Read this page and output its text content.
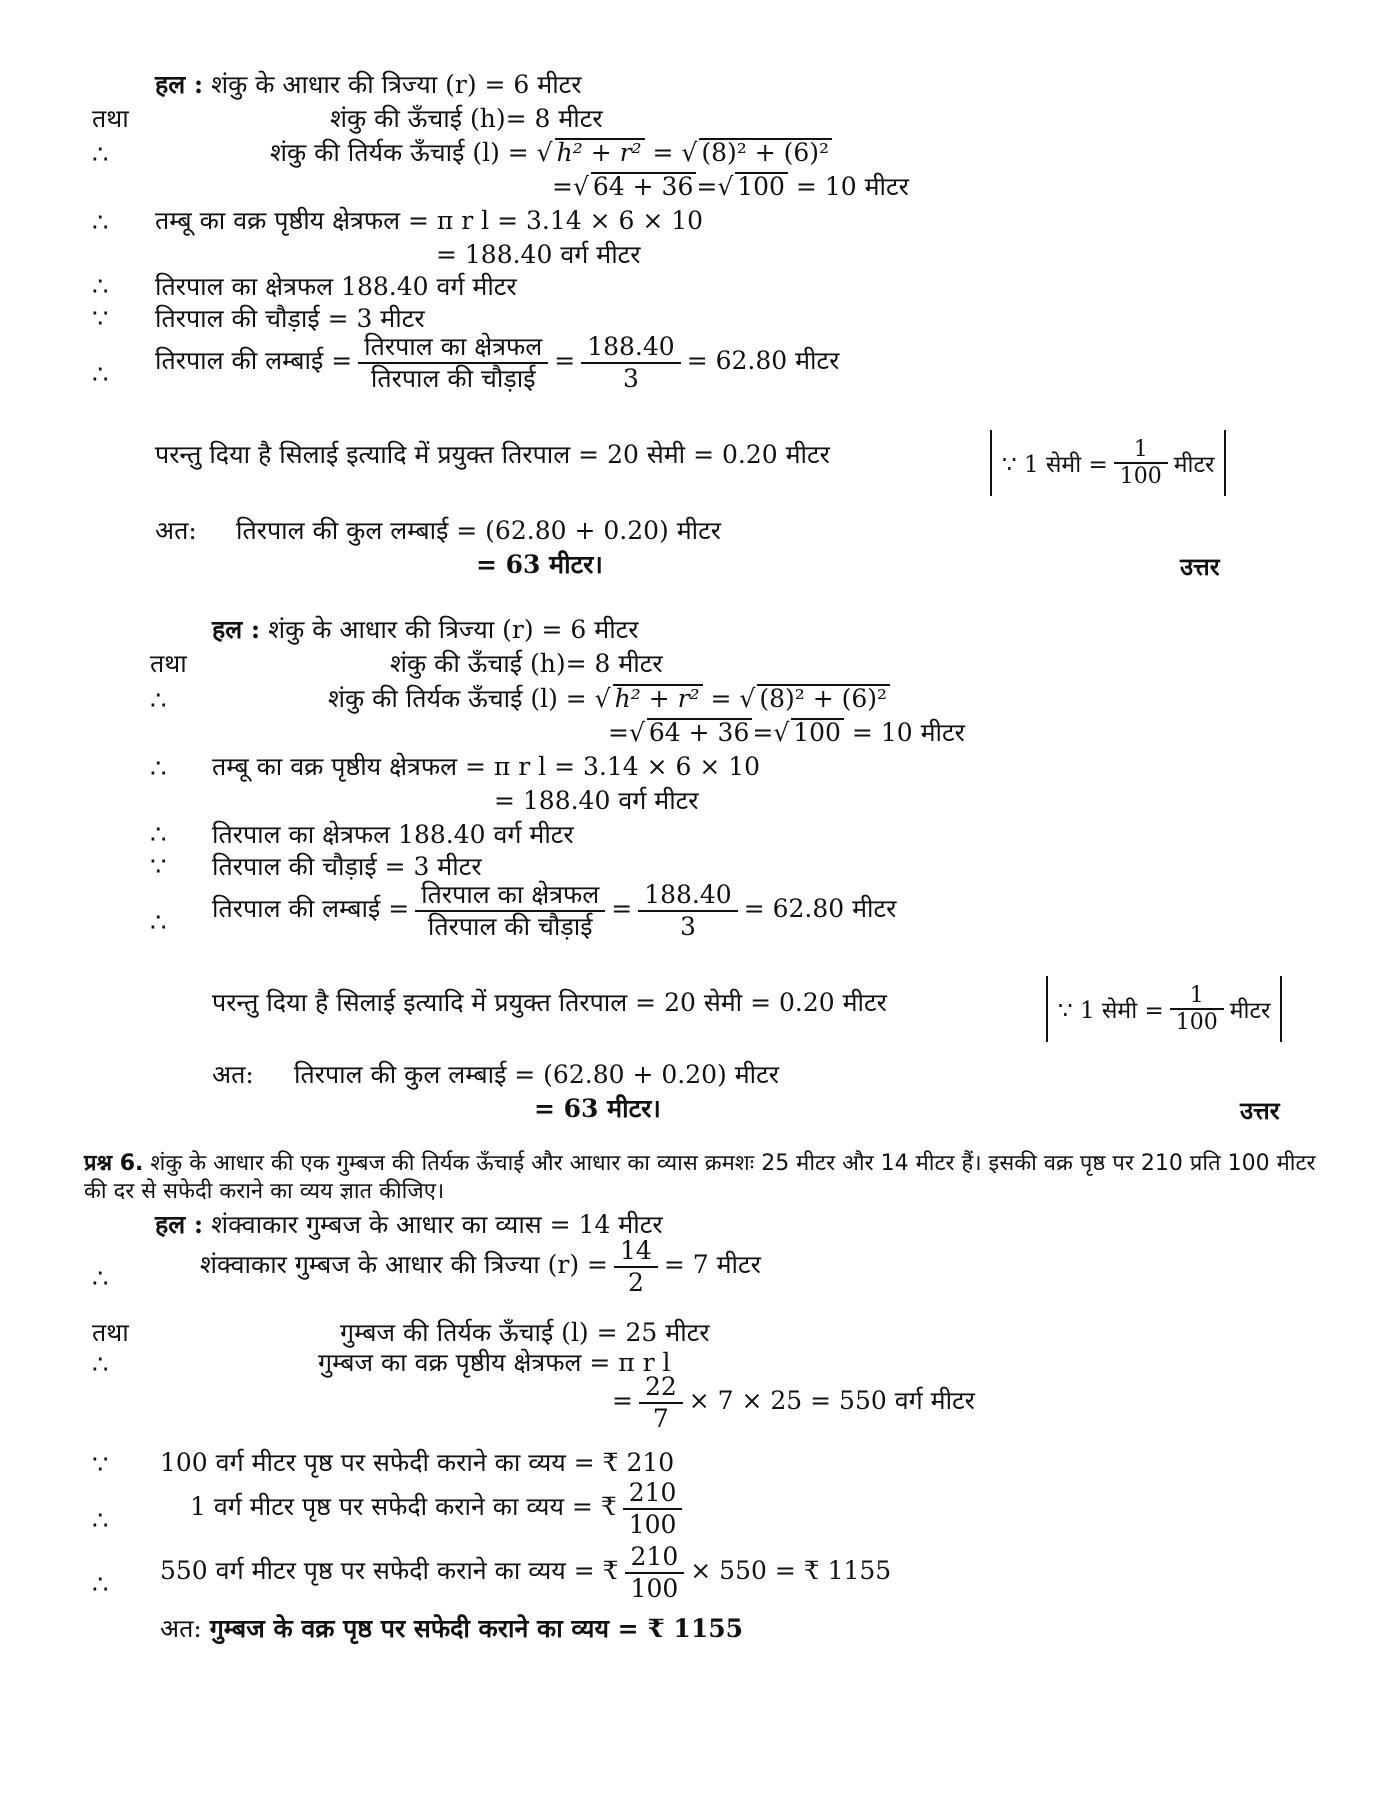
हल : शंकु के आधार की त्रिज्या (r) = 6 मीटर
तथा	शंकु की ऊँचाई (h)= 8 मीटर
∴	शंकु की तिर्यक ऊँचाई (l) = √ h² + r² = √ (8)² + (6)²
=√ 64 + 36 =√ 100 = 10 मीटर
∴ तम्बू का वक्र पृष्ठीय क्षेत्रफल = π r l = 3.14 × 6 × 10
= 188.40 वर्ग मीटर
∴ तिरपाल का क्षेत्रफल 188.40 वर्ग मीटर
∵ तिरपाल की चौड़ाई = 3 मीटर
∴ तिरपाल की लम्बाई = $\frac{\text{तिरपाल का क्षेत्रफल}}{\text{तिरपाल की चौड़ाई}} = \frac{188.40}{3} = 62.80$ मीटर
परन्तु दिया है सिलाई इत्यादि में प्रयुक्त तिरपाल = 20 सेमी = 0.20 मीटर	∵ 1 सेमी = $\frac{1}{100}$ मीटर
अत: तिरपाल की कुल लम्बाई = (62.80 + 0.20) मीटर
= 63 मीटर।	उत्तर
हल : शंकु के आधार की त्रिज्या (r) = 6 मीटर
तथा	शंकु की ऊँचाई (h)= 8 मीटर
∴	शंकु की तिर्यक ऊँचाई (l) = √ h² + r² = √ (8)² + (6)²
=√ 64 + 36 =√ 100 = 10 मीटर
∴ तम्बू का वक्र पृष्ठीय क्षेत्रफल = π r l = 3.14 × 6 × 10
= 188.40 वर्ग मीटर
∴ तिरपाल का क्षेत्रफल 188.40 वर्ग मीटर
∵ तिरपाल की चौड़ाई = 3 मीटर
∴ तिरपाल की लम्बाई = $\frac{\text{तिरपाल का क्षेत्रफल}}{\text{तिरपाल की चौड़ाई}} = \frac{188.40}{3} = 62.80$ मीटर
परन्तु दिया है सिलाई इत्यादि में प्रयुक्त तिरपाल = 20 सेमी = 0.20 मीटर	∵ 1 सेमी = $\frac{1}{100}$ मीटर
अत: तिरपाल की कुल लम्बाई = (62.80 + 0.20) मीटर
= 63 मीटर।	उत्तर
प्रश्न 6. शंकु के आधार की एक गुम्बज की तिर्यक ऊँचाई और आधार का व्यास क्रमशः 25 मीटर और 14 मीटर हैं। इसकी वक्र पृष्ठ पर 210 प्रति 100 मीटर की दर से सफेदी कराने का व्यय ज्ञात कीजिए।
हल : शंक्वाकार गुम्बज के आधार का व्यास = 14 मीटर
∴	शंक्वाकार गुम्बज के आधार की त्रिज्या $(r) = \frac{14}{2} = 7$ मीटर
तथा	गुम्बज की तिर्यक ऊँचाई (l) = 25 मीटर
∴	गुम्बज का वक्र पृष्ठीय क्षेत्रफल = π r l
= $\frac{22}{7} \times 7 \times 25 = 550$ वर्ग मीटर
∵ 100 वर्ग मीटर पृष्ठ पर सफेदी कराने का व्यय = ₹ 210
∴	1 वर्ग मीटर पृष्ठ पर सफेदी कराने का व्यय = ₹ $\frac{210}{100}$
∴ 550 वर्ग मीटर पृष्ठ पर सफेदी कराने का व्यय = ₹ $\frac{210}{100} \times 550$ = ₹ 1155
अत: गुम्बज के वक्र पृष्ठ पर सफेदी कराने का व्यय = ₹ 1155
